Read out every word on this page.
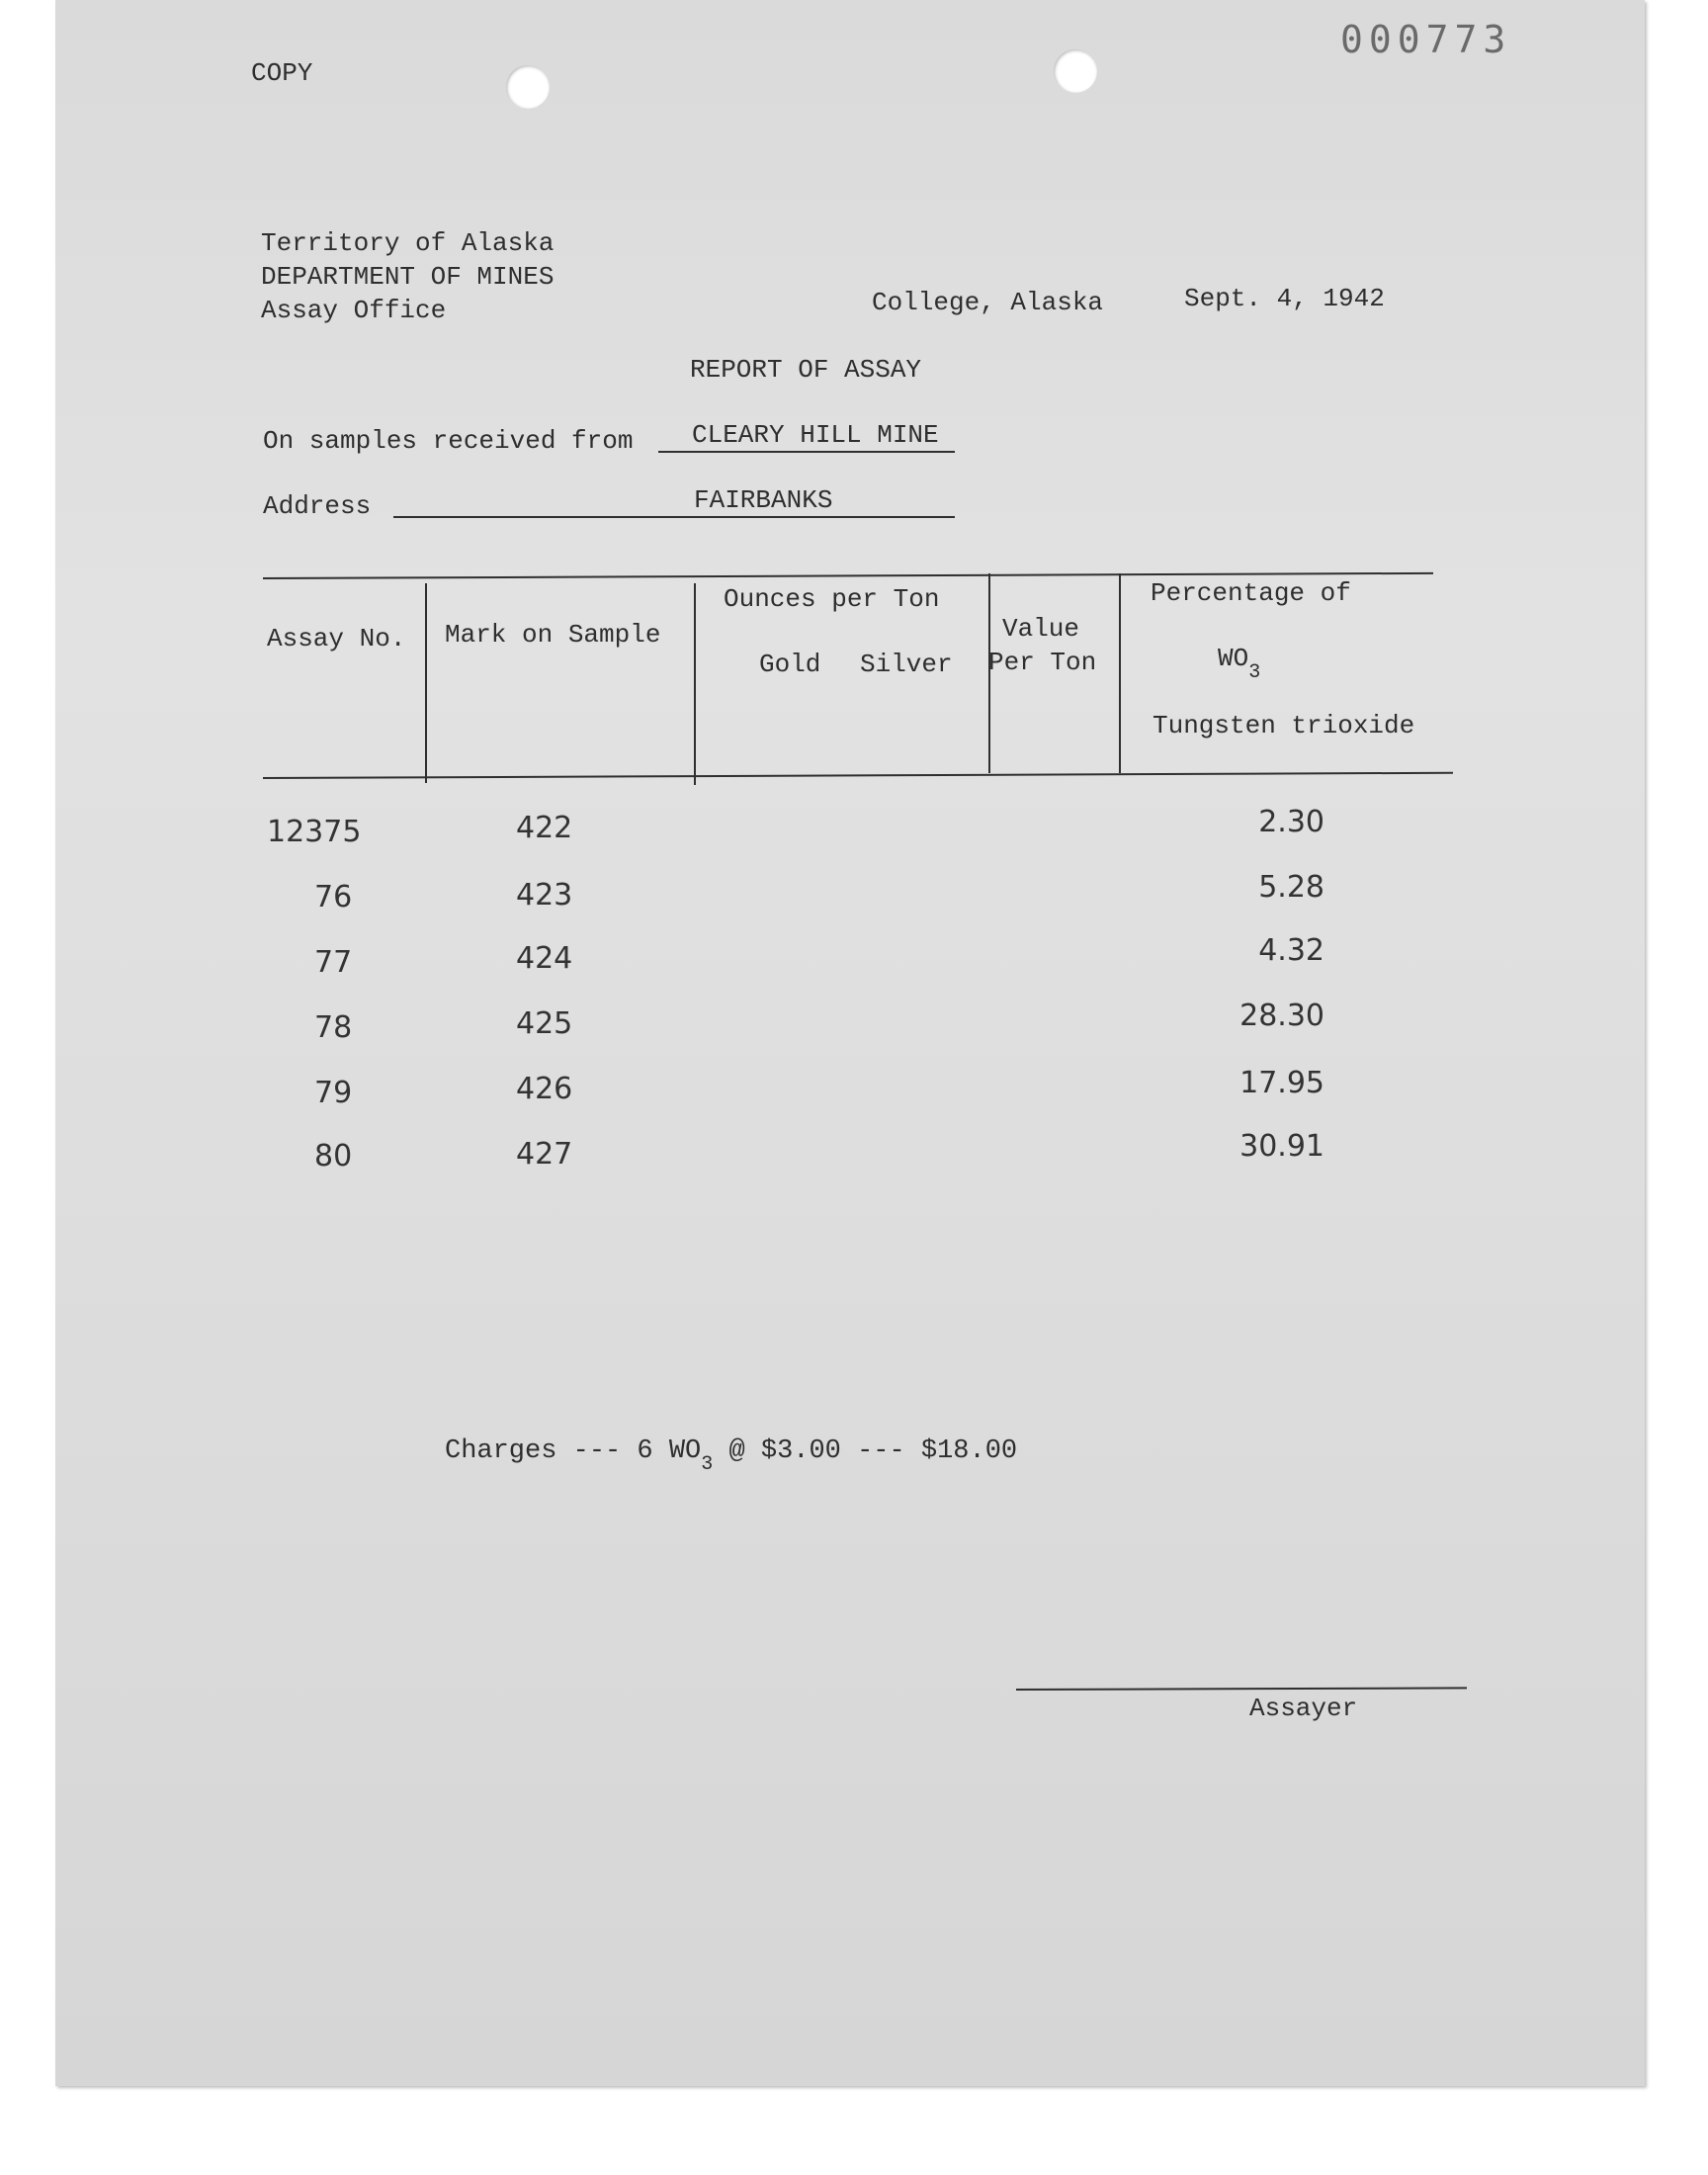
COPY
000773
Territory of Alaska
DEPARTMENT OF MINES
Assay Office	College, Alaska	Sept. 4, 1942
REPORT OF ASSAY
On samples received from CLEARY HILL MINE
Address	FAIRBANKS
Assay No. Mark on Sample
Ounces per Ton
Gold Silver
Value
Per Ton
Percentage of
$WO_3$
Tungsten trioxide
12375	422	2.30
76	423	5.28
77	424	4.32
78	425	28.30
79	426	17.95
80	427	30.91
Charges --- 6 $WO_3$ @ $3.00 --- $18.00
Assayer
